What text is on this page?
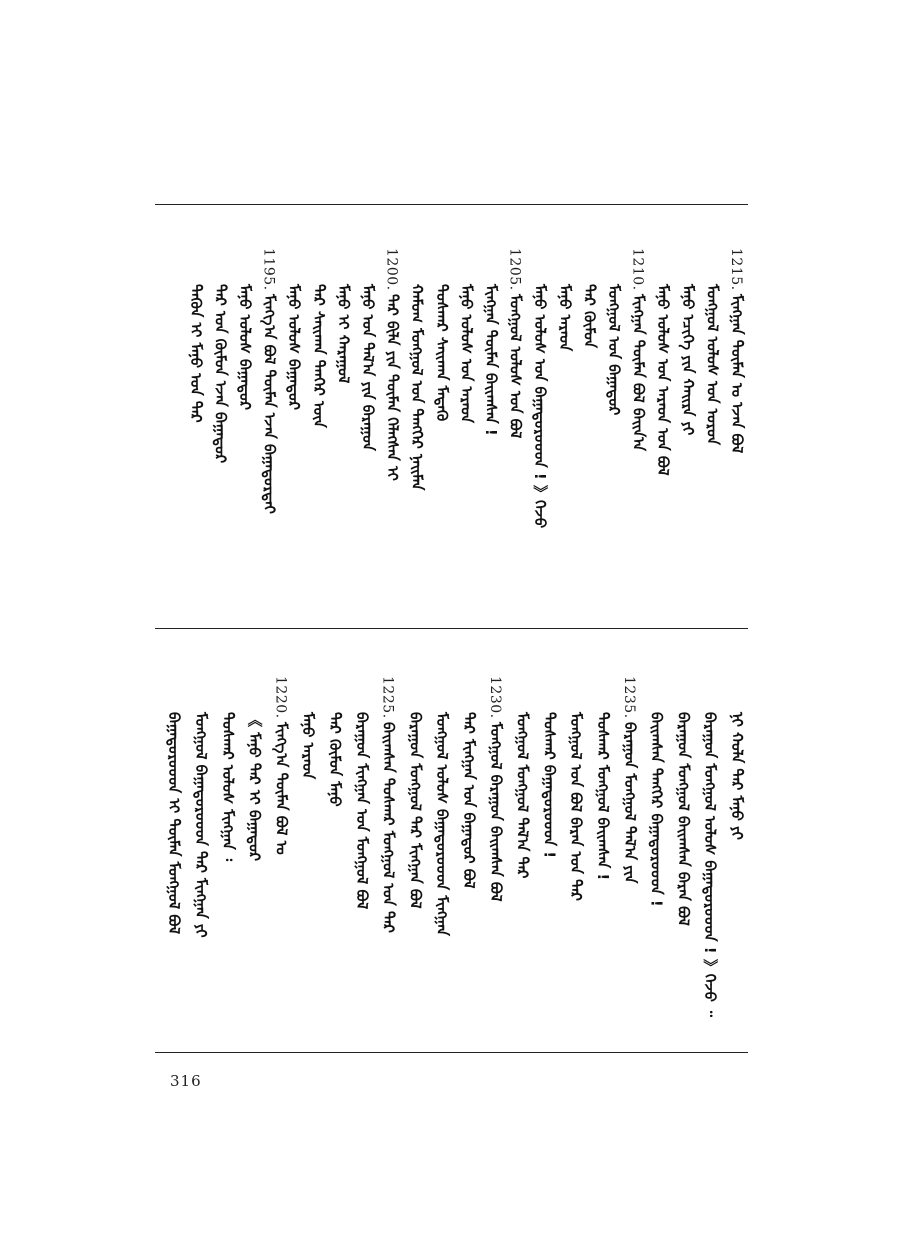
1215.
ᠮᠢᠩᠭᠠᠨ ᠲᠦᠮᠡᠨ ᠤ ᠡᠵᠡᠨ ᠪᠣᠯ
ᠮᠣᠩᠭᠣᠯ ᠤᠯᠤᠰ ᠤᠨ ᠣᠷᠣᠨ
ᠮᠠᠨᠤ ᠡᠴᠢᠭᠡ ᠶᠢᠨ ᠬᠠᠢᠷᠠ ᠶᠢ
ᠮᠠᠨᠤ ᠤᠯᠤᠰ ᠤᠨ ᠠᠷᠠᠳ ᠤᠨ ᠪᠣᠯ
1210.
ᠮᠢᠩᠭᠠᠨ ᠳᠦᠮᠡᠨ ᠪᠣᠯ ᠪᠠᠢᠨ᠎ᠠ
ᠮᠣᠩᠭᠣᠯ ᠤᠨ ᠪᠠᠭᠠᠲᠤᠷ
ᠲᠡᠷ ᠬᠦᠮᠦᠨ
ᠮᠠᠨᠤ ᠠᠷᠠᠳ
ᠮᠠᠨᠤ ᠤᠯᠤᠰ ᠤᠨ ᠪᠠᠭᠠᠲᠤᠷᠤᠤᠳ ! 》ᠭᠡᠵᠦ
1205.
ᠮᠣᠩᠭᠣᠯ ᠤᠯᠤᠰ ᠤᠨ ᠪᠣᠯ
ᠮᠢᠩᠭᠠᠨ ᠳᠦᠮᠡᠨ ᠪᠠᠢᠭᠰᠠᠨ !
ᠮᠠᠨᠤ ᠤᠯᠤᠰ ᠤᠨ ᠠᠷᠠᠳ
ᠲᠤᠰᠬᠠᠷ ᠰᠠᠢᠬᠠᠨ ᠮᠡᠳᠡᠬᠦ
ᠬᠠᠮᠤᠭ ᠮᠣᠩᠭᠣᠯ ᠤᠨ ᠲᠡᠩᠭᠡᠷ ᠨᠠᠢᠮᠠᠨ
1200.
ᠲᠡᠷ ᠪᠢᠯᠡ ᠶᠢᠨ ᠲᠦᠮᠡᠨ ᠬᠡᠯᠡᠭᠰᠡᠨ ᠢ
ᠮᠠᠨᠤ ᠤᠨ ᠲᠠᠯ᠎ᠠ ᠶᠢᠨ ᠪᠠᠷᠠᠭᠤᠨ
ᠮᠠᠨᠤ ᠢ ᠬᠠᠷᠠᠭᠤᠯ
ᠲᠡᠷ ᠰᠠᠢᠬᠠᠨ ᠲᠡᠨᠭᠡᠷ ᠦᠨ
ᠮᠠᠨᠤ ᠤᠯᠤᠰ ᠪᠠᠭᠠᠲᠤᠷ
1195.
ᠮᠢᠩᠭ᠎ᠠ ᠪᠣᠯ ᠲᠦᠮᠡᠨ ᠡᠵᠡᠨ ᠪᠠᠭᠠᠲᠤᠷᠲᠠᠢ
ᠮᠠᠨᠤ ᠤᠯᠤᠰ ᠪᠠᠭᠠᠲᠤᠷ
ᠲᠡᠷ ᠤᠨ ᠬᠦᠮᠦᠨ ᠡᠵᠡᠨ ᠪᠠᠭᠠᠲᠤᠷ
ᠲᠡᠭᠦᠨ ᠢ ᠮᠠᠨᠤ ᠤᠨ ᠲᠡᠷ
ᠨᠢ ᠬᠣᠯᠠ ᠲᠡᠷ ᠮᠠᠨᠤ ᠶᠢ
ᠪᠠᠷᠠᠭᠤᠨ ᠮᠣᠩᠭᠣᠯ ᠤᠯᠤᠰ ᠪᠠᠭᠠᠲᠤᠷᠤᠤᠳ ! 》ᠭᠡᠵᠦ ᠃
ᠪᠠᠷᠠᠭᠤᠨ ᠮᠣᠩᠭᠣᠯ ᠪᠠᠢᠭᠰᠠᠨ ᠪᠠᠷᠠᠨ ᠪᠣᠯ
ᠪᠠᠢᠭᠰᠠᠨ ᠲᠡᠩᠭᠡᠷ ᠪᠠᠭᠠᠲᠤᠷᠤᠤᠳ !
1235.
ᠪᠠᠷᠠᠭᠤᠨ ᠮᠣᠩᠭᠣᠯ ᠲᠠᠯ᠎ᠠ ᠶᠢᠨ
ᠲᠣᠰᠬᠠᠷ ᠮᠣᠩᠭᠣᠯ ᠪᠠᠢᠭᠰᠠᠨ !
ᠮᠣᠩᠭᠣᠯ ᠤᠨ ᠪᠣᠯ ᠪᠠᠷᠠᠨ ᠤᠨ ᠲᠡᠷ
ᠲᠣᠰᠬᠠᠷ ᠪᠠᠭᠠᠲᠤᠷᠤᠤᠳ !
ᠮᠣᠩᠭᠣᠯ ᠮᠣᠩᠭᠣᠯ ᠲᠠᠯ᠎ᠠ ᠲᠡᠷ
1230.
ᠮᠣᠩᠭᠣᠯ ᠪᠠᠷᠠᠭᠤᠨ ᠪᠠᠢᠭᠰᠠᠨ ᠪᠣᠯ
ᠲᠡᠷ ᠮᠢᠩᠭᠠᠨ ᠤᠨ ᠪᠠᠭᠠᠲᠤᠷ ᠪᠣᠯ
ᠮᠣᠩᠭᠣᠯ ᠤᠯᠤᠰ ᠪᠠᠭᠠᠲᠤᠷᠤᠤᠳ ᠮᠢᠩᠭᠠᠨ
ᠪᠠᠷᠠᠭᠤᠨ ᠮᠣᠩᠭᠣᠯ ᠲᠡᠷ ᠮᠢᠩᠭᠠᠨ ᠪᠣᠯ
1225.
ᠪᠠᠢᠭᠰᠠᠨ ᠲᠣᠰᠬᠠᠷ ᠮᠣᠩᠭᠣᠯ ᠤᠨ ᠲᠡᠷ
ᠪᠠᠷᠠᠭᠤᠨ ᠮᠢᠩᠭᠠᠨ ᠤᠨ ᠮᠣᠩᠭᠣᠯ ᠪᠣᠯ
ᠲᠡᠷ ᠬᠦᠮᠦᠨ ᠮᠠᠨᠤ
ᠮᠠᠨᠤ ᠠᠷᠠᠳ
1220.
ᠮᠢᠩᠭ᠎ᠠ ᠲᠦᠮᠡᠨ ᠪᠣᠯ ᠣ
《 ᠮᠠᠨᠤ ᠲᠡᠷ ᠢ ᠪᠠᠭᠠᠲᠤᠷ
ᠲᠣᠰᠬᠠᠷ ᠤᠯᠤᠰ ᠮᠢᠩᠭᠠᠨ ᠄
ᠮᠣᠩᠭᠣᠯ ᠪᠠᠭᠠᠲᠤᠷᠤᠤᠳ ᠲᠡᠷ ᠮᠢᠩᠭᠠᠨ ᠶᠢ
ᠪᠠᠭᠠᠲᠤᠷᠤᠤᠳ ᠢ ᠲᠦᠮᠡᠨ ᠮᠣᠩᠭᠣᠯ ᠪᠣᠯ
316
